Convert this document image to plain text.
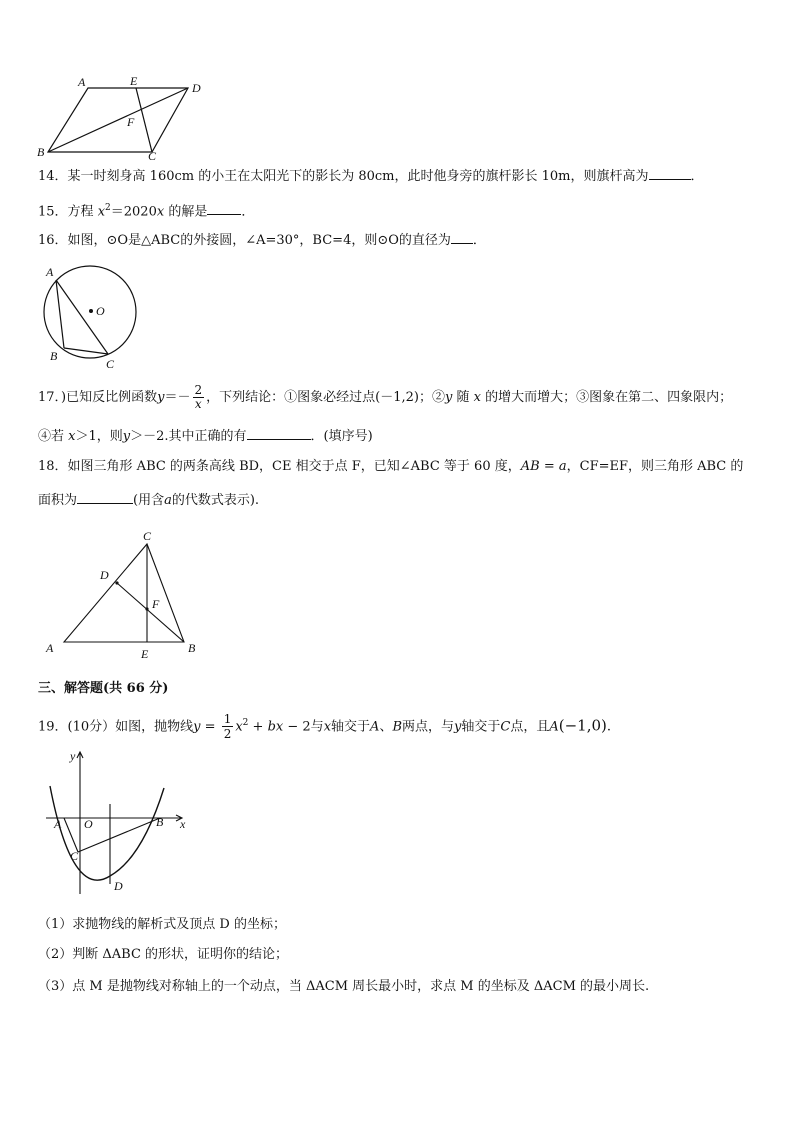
A	E	D
F
B	C
14．某一时刻身高 160cm 的小王在太阳光下的影长为 80cm，此时他身旁的旗杆影长 10m，则旗杆高为	．
15．方程 $x^2=2020x$ 的解是	．
16．如图，⊙O是△ABC的外接圆，∠A=30°，BC=4，则⊙O的直径为 ．
A
O
B
C
17．)已知反比例函数$y=- \frac{2}{x}$ ，下列结论：①图象必经过点(－1,2)；②y 随 x 的增大而增大；③图象在第二、四象限内；
④若 x＞1，则y＞－2.其中正确的有	．(填序号)
18．如图三角形 ABC 的两条高线 BD，CE 相交于点 F，已知∠ABC 等于 60 度，AB = a，CF=EF，则三角形 ABC 的
面积为	(用含a的代数式表示).
C
D
F
A	E	B
三、解答题(共 66 分)
19．(10分）如图，抛物线$y = \frac{1}{2} x^2$ + bx − 2与x轴交于A、B两点，与y轴交于C点，且A(−1,0).
y
A O	B x
C
D
（1）求抛物线的解析式及顶点 D 的坐标；
（2）判断 ΔABC 的形状，证明你的结论；
（3）点 M 是抛物线对称轴上的一个动点，当 ΔACM 周长最小时，求点 M 的坐标及 ΔACM 的最小周长.
